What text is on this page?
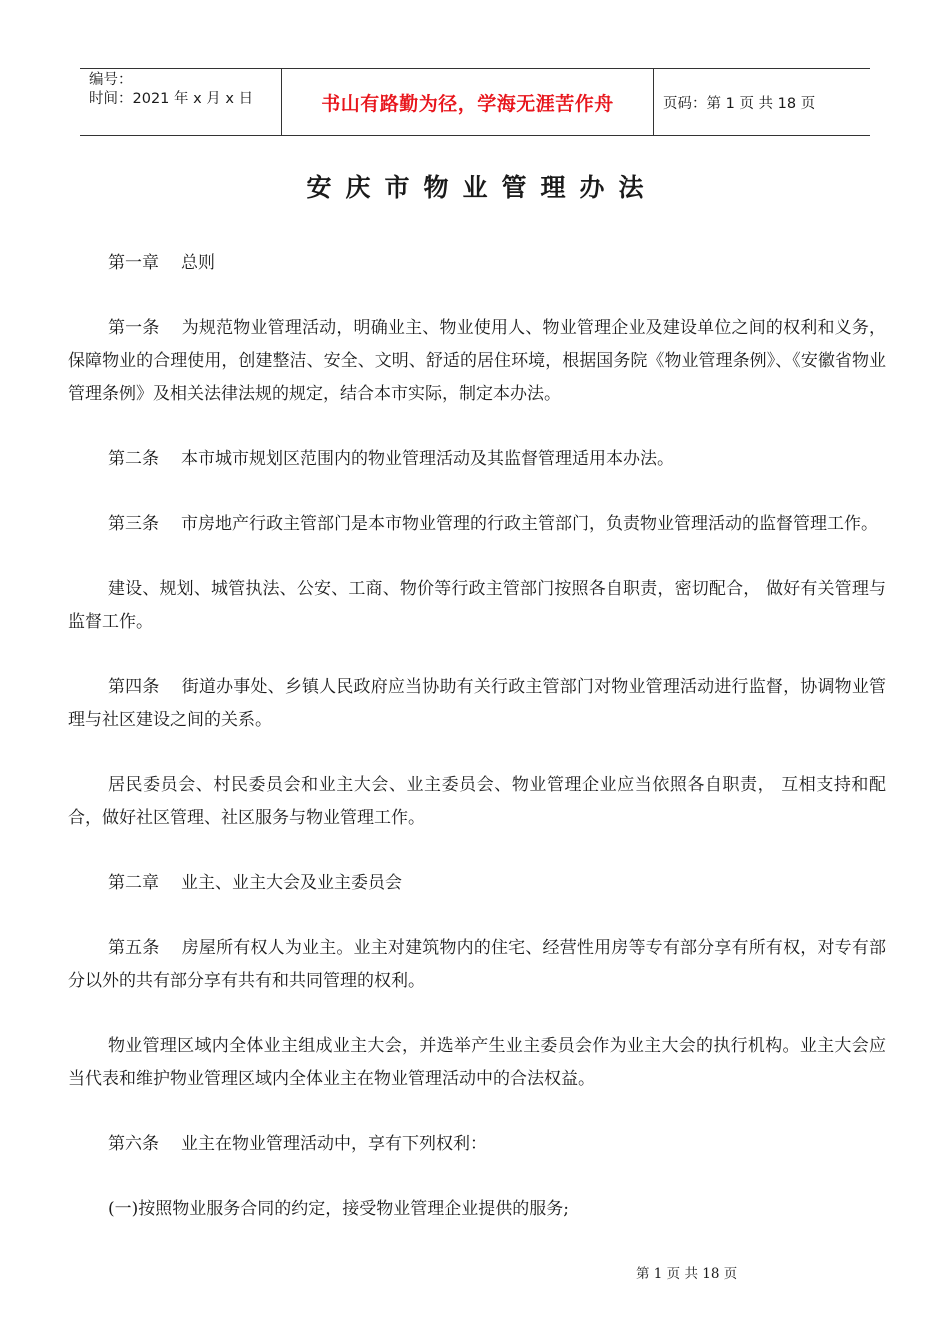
编号：
时间：2021 年 x 月 x 日	书山有路勤为径，学海无涯苦作舟	页码：第 1 页 共 18 页
安庆市物业管理办法

第一章 总则

第一条 为规范物业管理活动，明确业主、物业使用人、物业管理企业及建设单位之间的权利和义务，保障物业的合理使用，创建整洁、安全、文明、舒适的居住环境，根据国务院《物业管理条例》、《安徽省物业管理条例》及相关法律法规的规定，结合本市实际，制定本办法。

第二条 本市城市规划区范围内的物业管理活动及其监督管理适用本办法。

第三条 市房地产行政主管部门是本市物业管理的行政主管部门，负责物业管理活动的监督管理工作。

建设、规划、城管执法、公安、工商、物价等行政主管部门按照各自职责，密切配合， 做好有关管理与监督工作。

第四条 街道办事处、乡镇人民政府应当协助有关行政主管部门对物业管理活动进行监督，协调物业管理与社区建设之间的关系。

居民委员会、村民委员会和业主大会、业主委员会、物业管理企业应当依照各自职责， 互相支持和配合，做好社区管理、社区服务与物业管理工作。

第二章 业主、业主大会及业主委员会

第五条 房屋所有权人为业主。业主对建筑物内的住宅、经营性用房等专有部分享有所有权，对专有部分以外的共有部分享有共有和共同管理的权利。

物业管理区域内全体业主组成业主大会，并选举产生业主委员会作为业主大会的执行机构。业主大会应当代表和维护物业管理区域内全体业主在物业管理活动中的合法权益。

第六条 业主在物业管理活动中，享有下列权利：

(一)按照物业服务合同的约定，接受物业管理企业提供的服务;

第 1 页 共 18 页
